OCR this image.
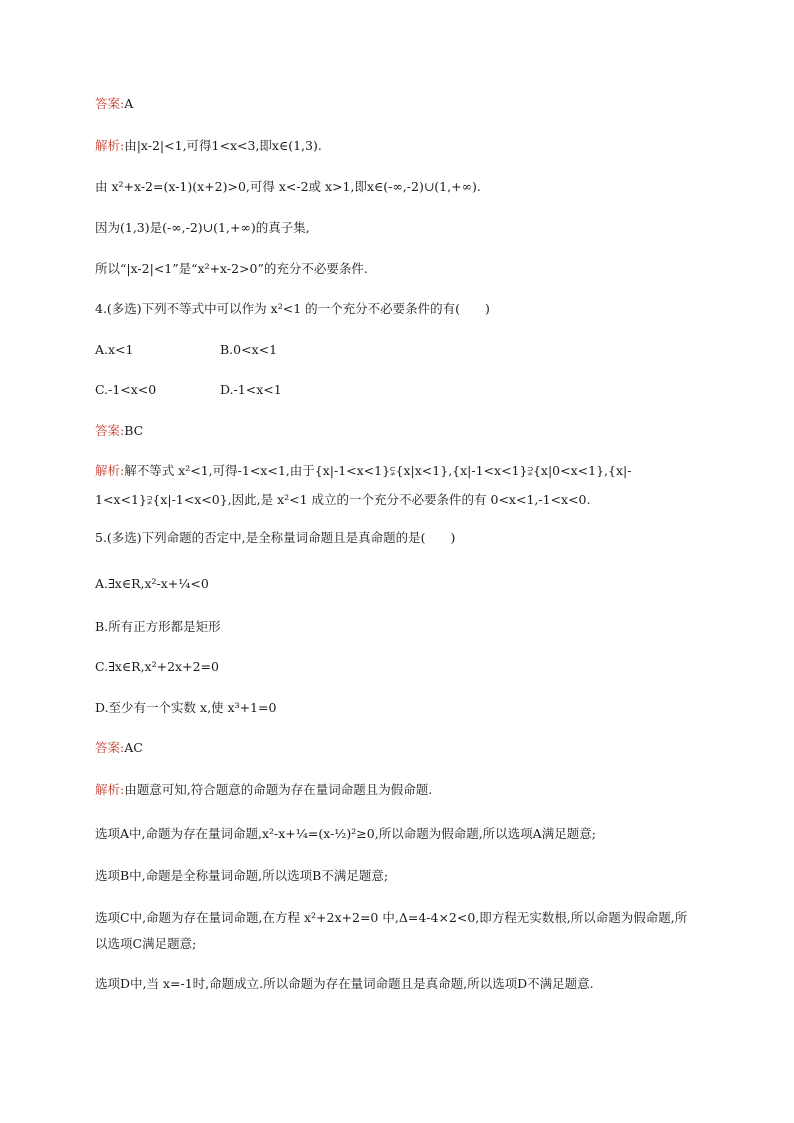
答案:A
解析:由|x-2|<1,可得1<x<3,即x∈(1,3).
由 x²+x-2=(x-1)(x+2)>0,可得 x<-2或 x>1,即x∈(-∞,-2)∪(1,+∞).
因为(1,3)是(-∞,-2)∪(1,+∞)的真子集,
所以“|x-2|<1”是“x²+x-2>0”的充分不必要条件.
4.(多选)下列不等式中可以作为 x²<1 的一个充分不必要条件的有(　　)
A.x<1	B.0<x<1
C.-1<x<0	D.-1<x<1
答案:BC
解析:解不等式 x²<1,可得-1<x<1,由于{x|-1<x<1}⫋{x|x<1},{x|-1<x<1}⫌{x|0<x<1},{x|-
1<x<1}⫌{x|-1<x<0},因此,是 x²<1 成立的一个充分不必要条件的有 0<x<1,-1<x<0.
5.(多选)下列命题的否定中,是全称量词命题且是真命题的是(　　)
A.∃x∈R,x²-x+¼<0
B.所有正方形都是矩形
C.∃x∈R,x²+2x+2=0
D.至少有一个实数 x,使 x³+1=0
答案:AC
解析:由题意可知,符合题意的命题为存在量词命题且为假命题.
选项A中,命题为存在量词命题,x²-x+¼=(x-½)²≥0,所以命题为假命题,所以选项A满足题意;
选项B中,命题是全称量词命题,所以选项B不满足题意;
选项C中,命题为存在量词命题,在方程 x²+2x+2=0 中,Δ=4-4×2<0,即方程无实数根,所以命题为假命题,所以选项C满足题意;
选项D中,当 x=-1时,命题成立.所以命题为存在量词命题且是真命题,所以选项D不满足题意.
